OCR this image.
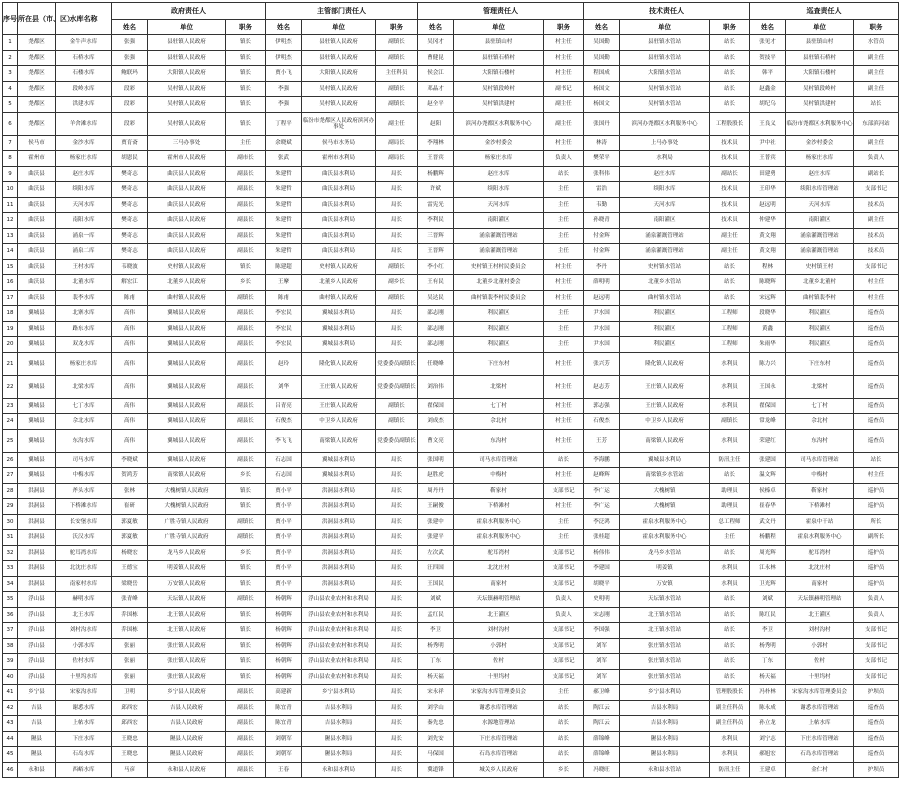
序号	所在县（市、区）	水库名称	政府责任人			主管部门责任人			管理责任人			技术责任人			巡查责任人		
			姓名	单位	职务	姓名	单位	职务	姓名	单位	职务	姓名	单位	职务	姓名	单位	职务
1	尧都区	金牛声水库	张强	县驻镇人民政府	镇长	伊明杰	县驻镇人民政府	副镇长	吴冈才	县驻镇山村	村主任	吴国勤	县驻镇水管站	站长	张见才	县驻镇山村	水管员
2	尧都区	石桥水库	张强	县驻镇人民政府	镇长	伊明杰	县驻镇人民政府	副镇长	曹健昆	县驻镇石桥村	村主任	吴国勤	县驻镇水管站	站长	贺技平	县驻镇石桥村	副主任
3	尧都区	石楼水库	鲍联玛	大阳镇人民政府	镇长	贾小飞	大阳镇人民政府	主任科员	侯会江	大阳镇石楼村	村主任	程国成	大阳镇水管站	站长	韩平	大阳镇石楼村	副主任
4	尧都区	段岭水库	段彩	吴村镇人民政府	镇长	李强	吴村镇人民政府	副镇长	邓晶才	吴村镇段岭村	副书记	杨国文	吴村镇水管站	站长	赵鑫金	吴村镇段岭村	副主任
5	尧都区	洪建水库	段彩	吴村镇人民政府	镇长	李强	吴村镇人民政府	副镇长	赵全平	吴村镇洪建村	副主任	杨国文	吴村镇水管站	站长	胡纪乌	吴村镇洪建村	站长
6	尧都区	羊舍滩水库	段彩	吴村镇人民政府	镇长	丁程平	临汾市尧都区人民政府滨河办事处	副主任	赵阳	滨河办尧都区水利服务中心	副主任	张国丹	滨河办尧都区水利服务中心	工程股股长	王良义	临汾市尧都区水利服务中心	东部滨河站
7	侯马市	金沙水库	贾育斋	三马办事处	主任	余晓斌	侯马市水务局	副局长	李翔林	金沙村委会	村主任	林涛	上马办事处	技术员	尹中社	金沙村委会	副主任
8	霍州市	杨家庄水库	胡恩民	霍州市人民政府	副市长	张武	霍州市水利局	副局长	王晋宾	杨家庄水库	负责人	樊荣平	水利局	技术员	王普宾	杨家庄水库	负责人
9	曲沃县	赵庄水库	樊奇志	曲沃县人民政府	副县长	朱建哲	曲沃县水利局	局长	杨鹏辉	赵庄水库	站长	张科伟	赵庄水库	副站长	田建勇	赵庄水库	副站长
10	曲沃县	续阳水库	樊奇志	曲沃县人民政府	副县长	朱建哲	曲沃县水利局	局长	许斌	续阳水库	主任	雷浩	续阳水库	技术员	王印华	续阳水库管理站	支部书记
11	曲沃县	天河水库	樊奇志	曲沃县人民政府	副县长	朱建哲	曲沃县水利局	局长	雷宪光	天河水库	主任	韦勤	天河水库	技术员	赵远明	天河水库	技术员
12	曲沃县	南阳水库	樊奇志	曲沃县人民政府	副县长	朱建哲	曲沃县水利局	局长	李利民	南阳灌区	主任	孙晓青	南阳灌区	技术员	仲建华	南阳灌区	副主任
13	曲沃县	涌泉一库	樊奇志	曲沃县人民政府	副县长	朱建哲	曲沃县水利局	局长	三晋辉	涌泉灌溉管理站	主任	付金辉	涌泉灌溉管理站	副主任	黄文翔	涌泉灌溉管理站	技术员
14	曲沃县	涌泉二库	樊奇志	曲沃县人民政府	副县长	朱建哲	曲沃县水利局	局长	王晋辉	涌泉灌溉管理站	主任	付金辉	涌泉灌溉管理站	副主任	黄文翔	涌泉灌溉管理站	技术员
15	曲沃县	王村水库	韦晓波	史村镇人民政府	镇长	陈建超	史村镇人民政府	副镇长	李小红	史村镇王村村民委员会	村主任	李丹	史村镇水管站	站长	程林	史村镇王村	支部书记
16	曲沃县	北董水库	解宏江	北董乡人民政府	乡长	王摩	北董乡人民政府	副乡长	王有民	北董乡北董村委会	村主任	薛明明	北董乡水管站	站长	陈晓辉	北董乡北董村	村主任
17	曲沃县	裴李水库	陈甫	曲村镇人民政府	副镇长	陈甫	曲村镇人民政府	副镇长	吴达民	曲村镇裴李村民委员会	村主任	赵远明	曲村镇水管站	站长	宋远辉	曲村镇裴李村	村主任
18	翼城县	北寨水库	高伟	翼城县人民政府	副县长	李宏民	翼城县水利局	局长	邵志刚	利民灌区	主任	尹水国	利民灌区	工程师	段晓华	利民灌区	巡查员
19	翼城县	路东水库	高伟	翼城县人民政府	副县长	李宏民	翼城县水利局	局长	邵志刚	利民灌区	主任	尹水国	利民灌区	工程师	黄鑫	利民灌区	巡查员
20	翼城县	双龙水库	高伟	翼城县人民政府	副县长	李宏民	翼城县水利局	局长	邵志刚	利民灌区	主任	尹水国	利民灌区	工程师	朱雨华	利民灌区	巡查员
21	翼城县	杨家庄水库	高伟	翼城县人民政府	副县长	赵玲	隆化镇人民政府	党委委员副镇长	任晓峰	下庄东村	村主任	张兴芳	隆化镇人民政府	水利员	陈力兴	下庄东村	巡查员
22	翼城县	北梁水库	高伟	翼城县人民政府	副县长	刘华	王庄镇人民政府	党委委员副镇长	刘治伟	北梁村	村主任	赵志芳	王庄镇人民政府	水利员	王国永	北梁村	巡查员
23	翼城县	七丁水库	高伟	翼城县人民政府	副县长	吕青亮	王庄镇人民政府	副镇长	翟保国	七丁村	村主任	郭志强	王庄镇人民政府	水利员	翟保国	七丁村	巡查员
24	翼城县	佘北水库	高伟	翼城县人民政府	副县长	石俊杰	中卫乡人民政府	副镇长	刘成杰	佘北村	村主任	石俊杰	中卫乡人民政府	副镇长	常龙峰	佘北村	巡查员
25	翼城县	东沟水库	高伟	翼城县人民政府	副县长	李飞飞	南梁镇人民政府	党委委员副镇长	曹文亮	东沟村	村主任	王芳	南梁镇人民政府	水利员	荣建红	东沟村	巡查员
26	翼城县	司马水库	李晓斌	翼城县人民政府	副县长	石志国	翼城县水利局	局长	张国明	司马水库管理站	站长	李海鹏	翼城县水利局	防汛主任	张建国	司马水库管理站	站长
27	翼城县	中梅水库	贺鸿芳	南梁镇人民政府	乡长	石志国	翼城县水利局	局长	赵胜虎	中梅村	村主任	赵峰辉	南梁镇乡水管站	站长	温文辉	中梅村	村主任
28	洪洞县	斧头水库	张林	大槐树镇人民政府	镇长	贾小平	洪洞县水利局	局长	周丹丹	靳家村	支部书记	李广运	大槐树镇	助理员	侯榛卓	靳家村	巡护员
29	洪洞县	下桥滩水库	崔研	大槐树镇人民政府	镇长	贾小平	洪洞县水利局	局长	王嗣俊	下桥滩村	村主任	李广运	大槐树镇	助理员	崔春华	下桥滩村	巡护员
30	洪洞县	长安堡水库	郭夏敏	广胜寺镇人民政府	副镇长	贾小平	洪洞县水利局	局长	张建中	霍泉水利服务中心	主任	李泛鸿	霍泉水利服务中心	总工程师	武文丹	霍泉中干站	所长
31	洪洞县	沃汉水库	郭夏敏	广胜寺镇人民政府	副镇长	贾小平	洪洞县水利局	局长	张建平	霍泉水利服务中心	主任	张桂超	霍泉水利服务中心	主任	杨鹏程	霍泉水利服务中心	副所长
32	洪洞县	驼耳湾水库	杨晓宏	龙马乡人民政府	乡长	贾小平	洪洞县水利局	局长	左次武	驼耳湾村	支部书记	杨伟伟	龙马乡水管站	站长	周光辉	驼耳湾村	巡护员
33	洪洞县	北沈庄水库	王德宝	明姜镇人民政府	镇长	贾小平	洪洞县水利局	局长	汪四国	北沈庄村	支部书记	李建国	明姜镇	水利员	江永林	北沈庄村	巡护员
34	洪洞县	南家村水库	梁晓岳	万安镇人民政府	镇长	贾小平	洪洞县水利局	局长	王国民	南家村	支部书记	胡晓平	万安镇	水利员	卫光辉	南家村	巡护员
35	浮山县	赫明水库	张青峰	天坛镇人民政府	副镇长	杨朝辉	浮山县农业农村和水利局	局长	刘斌	天坛镇赫明管理站	负责人	史明明	天坛镇水管站	站长	刘斌	天坛镇赫明管理站	负责人
36	浮山县	北王水库	乔国栋	北王镇人民政府	镇长	杨朝辉	浮山县农业农村和水利局	局长	孟红民	北王灌区	负责人	宋志刚	北王镇水管站	站长	陈红民	北王灌区	负责人
37	浮山县	刘村沟水库	乔国栋	北王镇人民政府	镇长	杨朝辉	浮山县农业农村和水利局	局长	李卫	刘村沟村	支部书记	李国强	北王镇水管站	站长	李卫	刘村沟村	支部书记
38	浮山县	小郭水库	张丽	张庄镇人民政府	镇长	杨朝辉	浮山县农业农村和水利局	局长	杨秀明	小郭村	支部书记	刘军	张庄镇水管站	站长	杨秀明	小郭村	支部书记
39	浮山县	佐村水库	张丽	张庄镇人民政府	镇长	杨朝辉	浮山县农业农村和水利局	局长	丁东	佐村	支部书记	刘军	张庄镇水管站	站长	丁东	佐村	支部书记
40	浮山县	十里坞水库	张丽	张庄镇人民政府	镇长	杨朝辉	浮山县农业农村和水利局	局长	杨天福	十里坞村	支部书记	刘军	张庄镇水管站	站长	杨天福	十里坞村	支部书记
41	乡宁县	宋家沟水库	卫明	乡宁县人民政府	副县长	高建新	乡宁县水利局	局长	宋永祥	宋家沟水库管理委员会	主任	郝卫峰	乡宁县水利局	管理股股长	冯朴林	宋家沟水库管理委员会	护坝员
42	吉县	谢悉水库	邱西宏	吉县人民政府	副县长	陈宜青	吉县水利局	局长	刘学山	谢悉水库管理站	站长	陶江云	吉县水利局	副主任科员	陈永成	谢悉水库管理站	巡查员
43	吉县	上帖水库	邱西宏	吉县人民政府	副县长	陈宜青	吉县水利局	局长	秦先忠	水源地管理站	站长	陶江云	吉县水利局	副主任科员	孙立龙	上帖水库	巡查员
44	隰县	下庄水库	王晓忠	隰县人民政府	副县长	刘朝军	隰县水利局	局长	刘先安	下庄水库管理站	站长	薛锦峰	隰县水利局	水利员	刘宁志	下庄水库管理站	巡查员
45	隰县	石岛水库	王晓忠	隰县人民政府	副县长	刘朝军	隰县水利局	局长	马保国	石岛水库管理站	站长	薛锦峰	隰县水利局	水利员	郝旭宏	石岛水库管理站	巡查员
46	永和县	西峪水库	马彦	永和县人民政府	副县长	王春	永和县水利局	局长	冀道锋	城关乡人民政府	乡长	冯晓旺	永和县水管站	防汛主任	王建卓	金仁村	护坝员
